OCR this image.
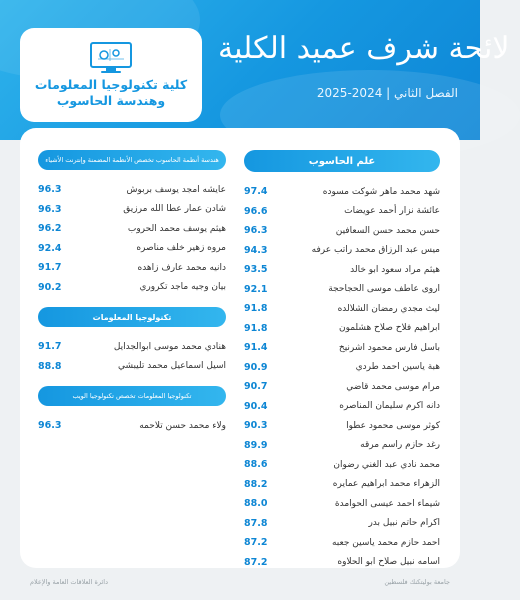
كلية تكنولوجيا المعلومات وهندسة الحاسوب
لائحة شرف عميد الكلية
الفصل الثاني | 2024-2025
علم الحاسوب
شهد محمد ماهر شوكت مسوده
97.4
عائشة نزار أحمد عويضات
96.6
حسن محمد حسن السعافين
96.3
ميس عبد الرزاق محمد راتب عرفه
94.3
هيثم مراد سعود ابو خالد
93.5
اروى عاطف موسى الحجاحجة
92.1
ليث مجدي رمضان الشلالده
91.8
ابراهيم فلاح صلاح هشلمون
91.8
باسل فارس محمود اشرنيخ
91.4
هبة ياسين احمد طردي
90.9
مرام موسى محمد قاضي
90.7
دانه اكرم سليمان المناصره
90.4
كوثر موسى محمود عطوا
90.3
رغد حازم راسم مرقه
89.9
محمد نادي عبد الغني رضوان
88.6
الزهراء محمد ابراهيم عمايره
88.2
شيماء احمد عيسى الحوامدة
88.0
اكرام حاتم نبيل بدر
87.8
احمد حازم محمد ياسين جعبه
87.2
اسامه نبيل صلاح ابو الحلاوه
87.2
هندسة أنظمة الحاسوب تخصص الأنظمة المضمنة وإنترنت الأشياء
عايشه امجد يوسف بربوش
96.3
شادن عمار عطا الله مرزيق
96.3
هيثم يوسف محمد الحروب
96.2
مروه زهير خلف مناصره
92.4
دانيه محمد عارف زاهده
91.7
بيان وجيه ماجد تكروري
90.2
تكنولوجيا المعلومات
هنادي محمد موسى ابوالجدايل
91.7
اسيل اسماعيل محمد تليبشي
88.8
تكنولوجيا المعلومات تخصص تكنولوجيا الويب
ولاء محمد حسن تلاحمه
96.3
دائرة العلاقات العامة والإعلام	جامعة بوليتكنك فلسطين
